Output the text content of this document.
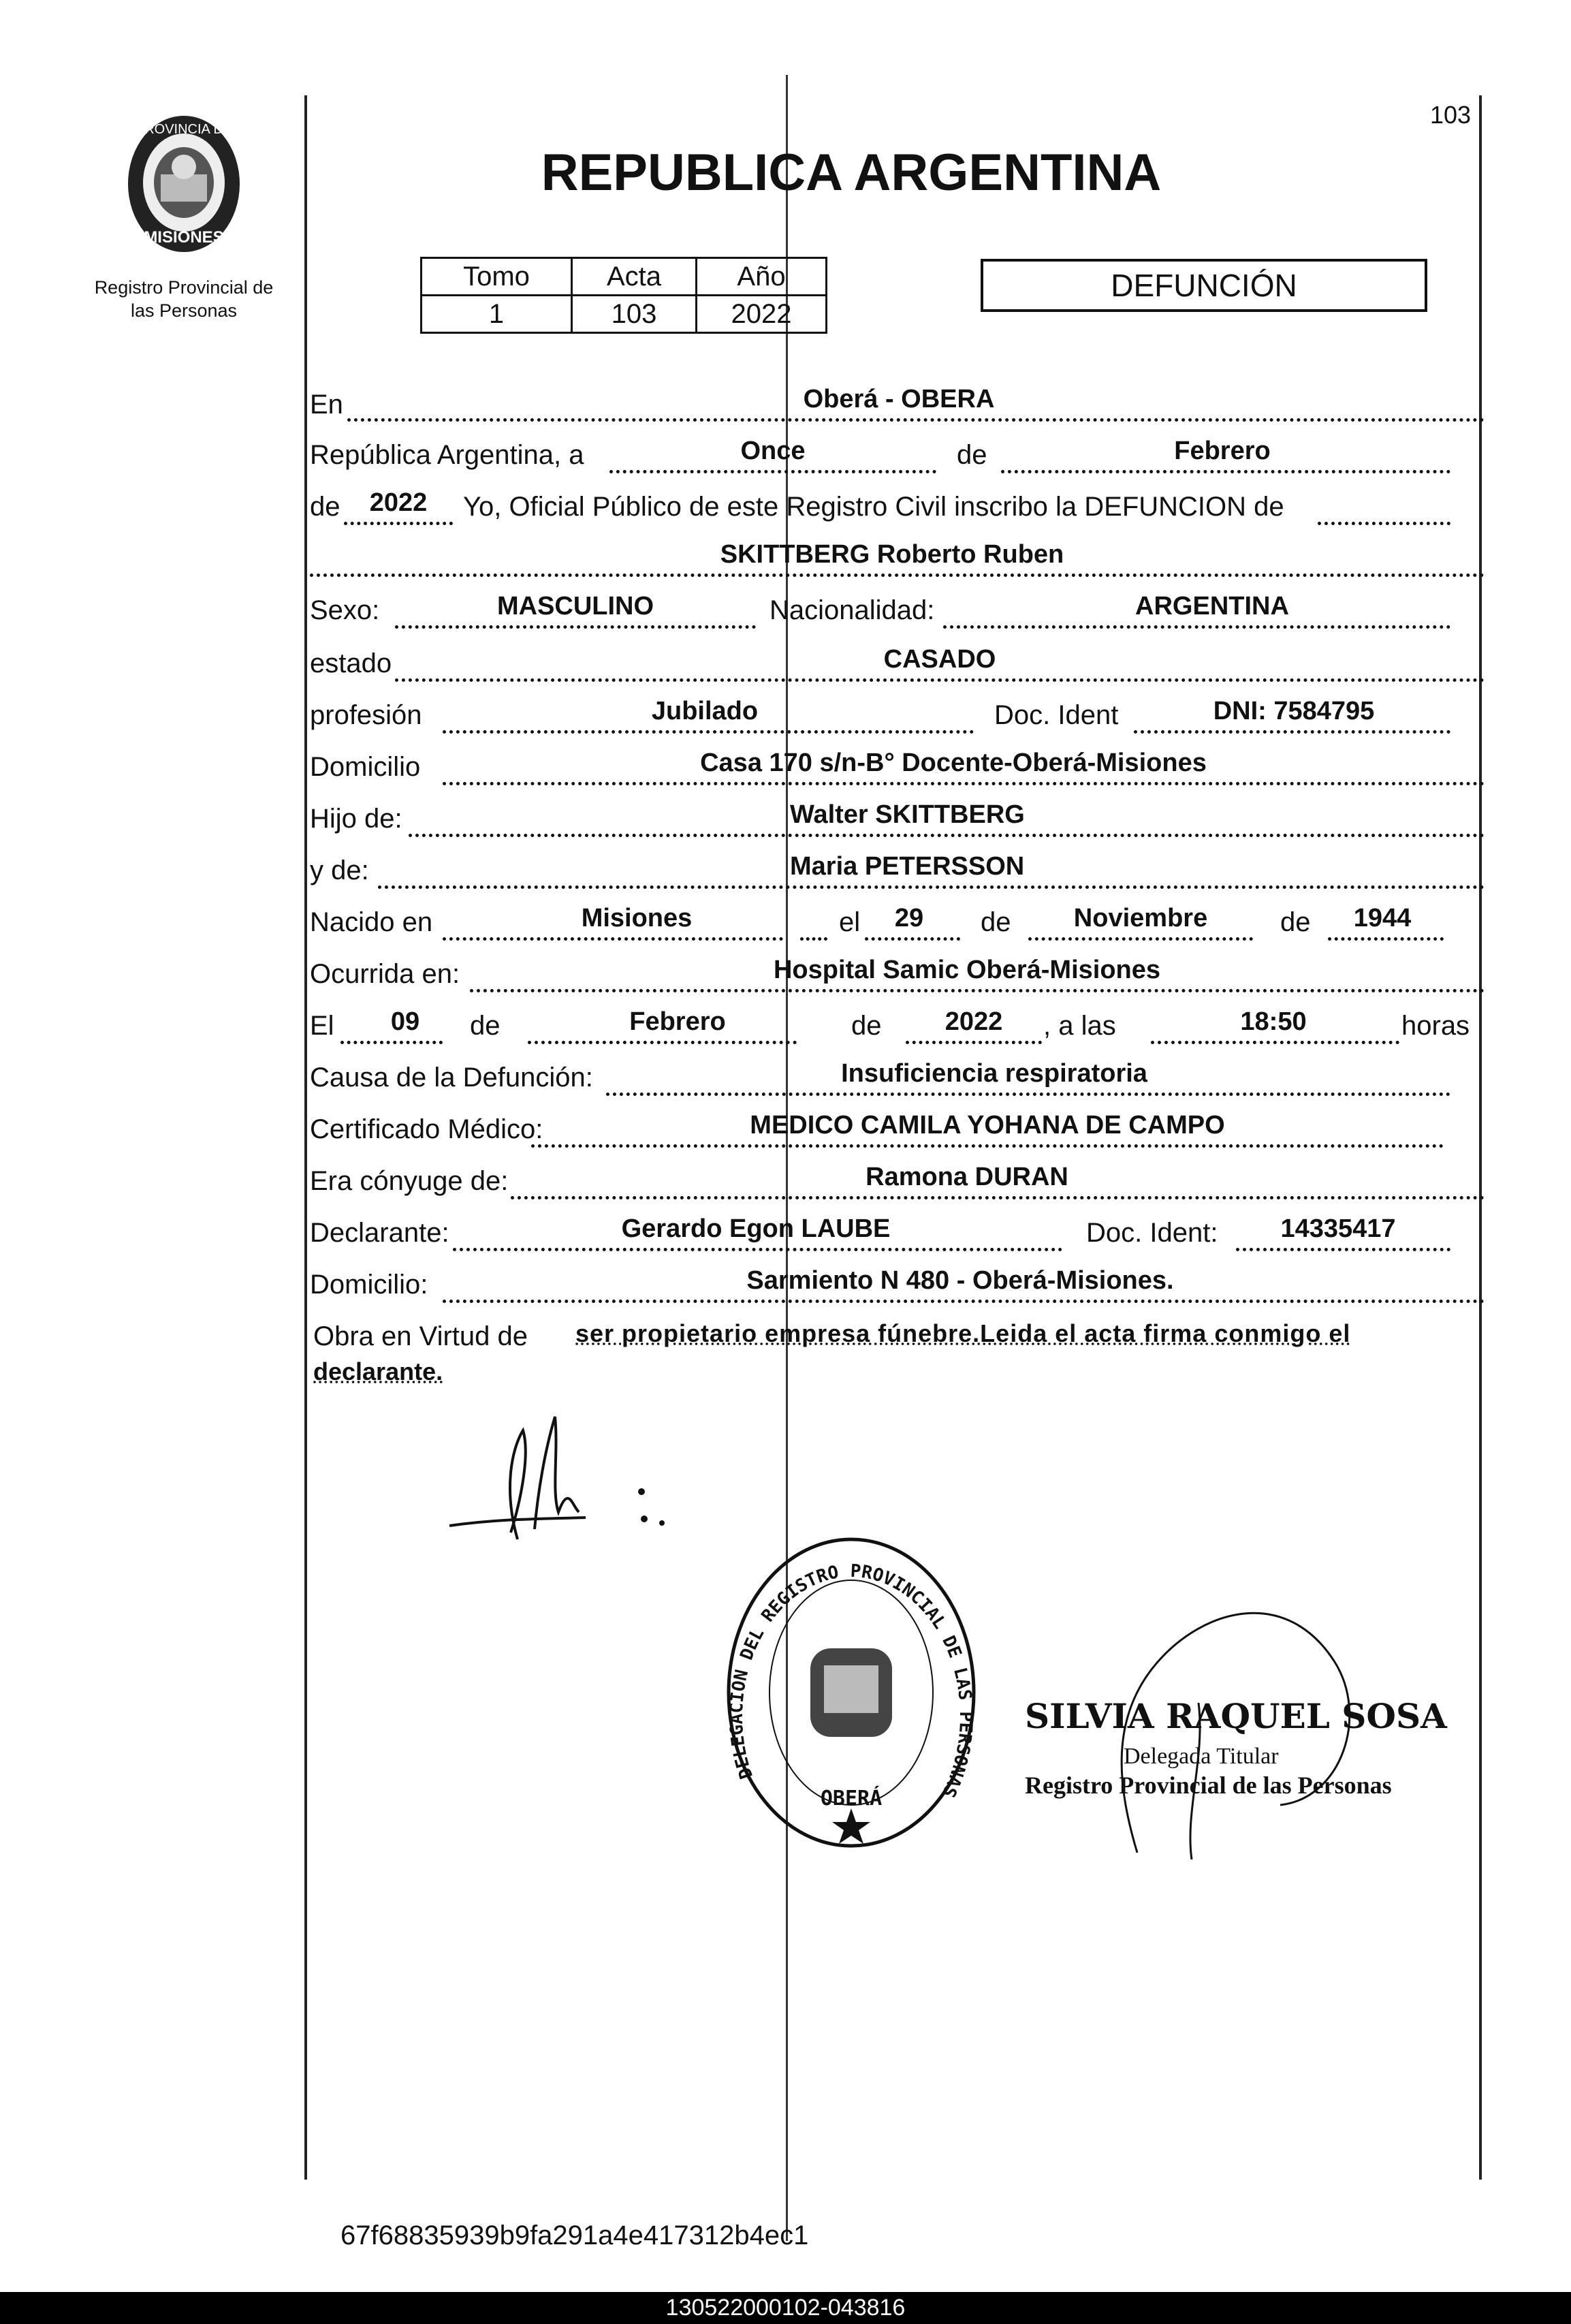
PROVINCIA DE
MISIONES
Registro Provincial de
las Personas
103
REPUBLICA ARGENTINA
Tomo	Acta	Año
1	103	2022
DEFUNCIÓN
En	Oberá - OBERA
República Argentina, a	Once	de	Febrero
de	2022	Yo, Oficial Público de este Registro Civil inscribo la DEFUNCION de
SKITTBERG Roberto Ruben
Sexo:	MASCULINO	Nacionalidad:	ARGENTINA
estado	CASADO
profesión	Jubilado	Doc. Ident	DNI: 7584795
Domicilio	Casa 170 s/n-B° Docente-Oberá-Misiones
Hijo de:	Walter SKITTBERG
y de:	Maria PETERSSON
Nacido en	Misiones	el	29	de	Noviembre	de	1944
Ocurrida en:	Hospital Samic Oberá-Misiones
El	09	de	Febrero	de	2022	, a las	18:50	horas
Causa de la Defunción:	Insuficiencia respiratoria
Certificado Médico:	MEDICO CAMILA YOHANA DE CAMPO
Era cónyuge de:	Ramona DURAN
Declarante:	Gerardo Egon LAUBE	Doc. Ident:	14335417
Domicilio:	Sarmiento N 480 - Oberá-Misiones.
Obra en Virtud de ser propietario empresa fúnebre.Leida el acta firma conmigo el
declarante.
DELEGACION DEL REGISTRO PROVINCIAL DE LAS PERSONAS
OBERÁ
SILVIA RAQUEL SOSA
Delegada Titular
Registro Provincial de las Personas
67f68835939b9fa291a4e417312b4ec1
130522000102-043816
